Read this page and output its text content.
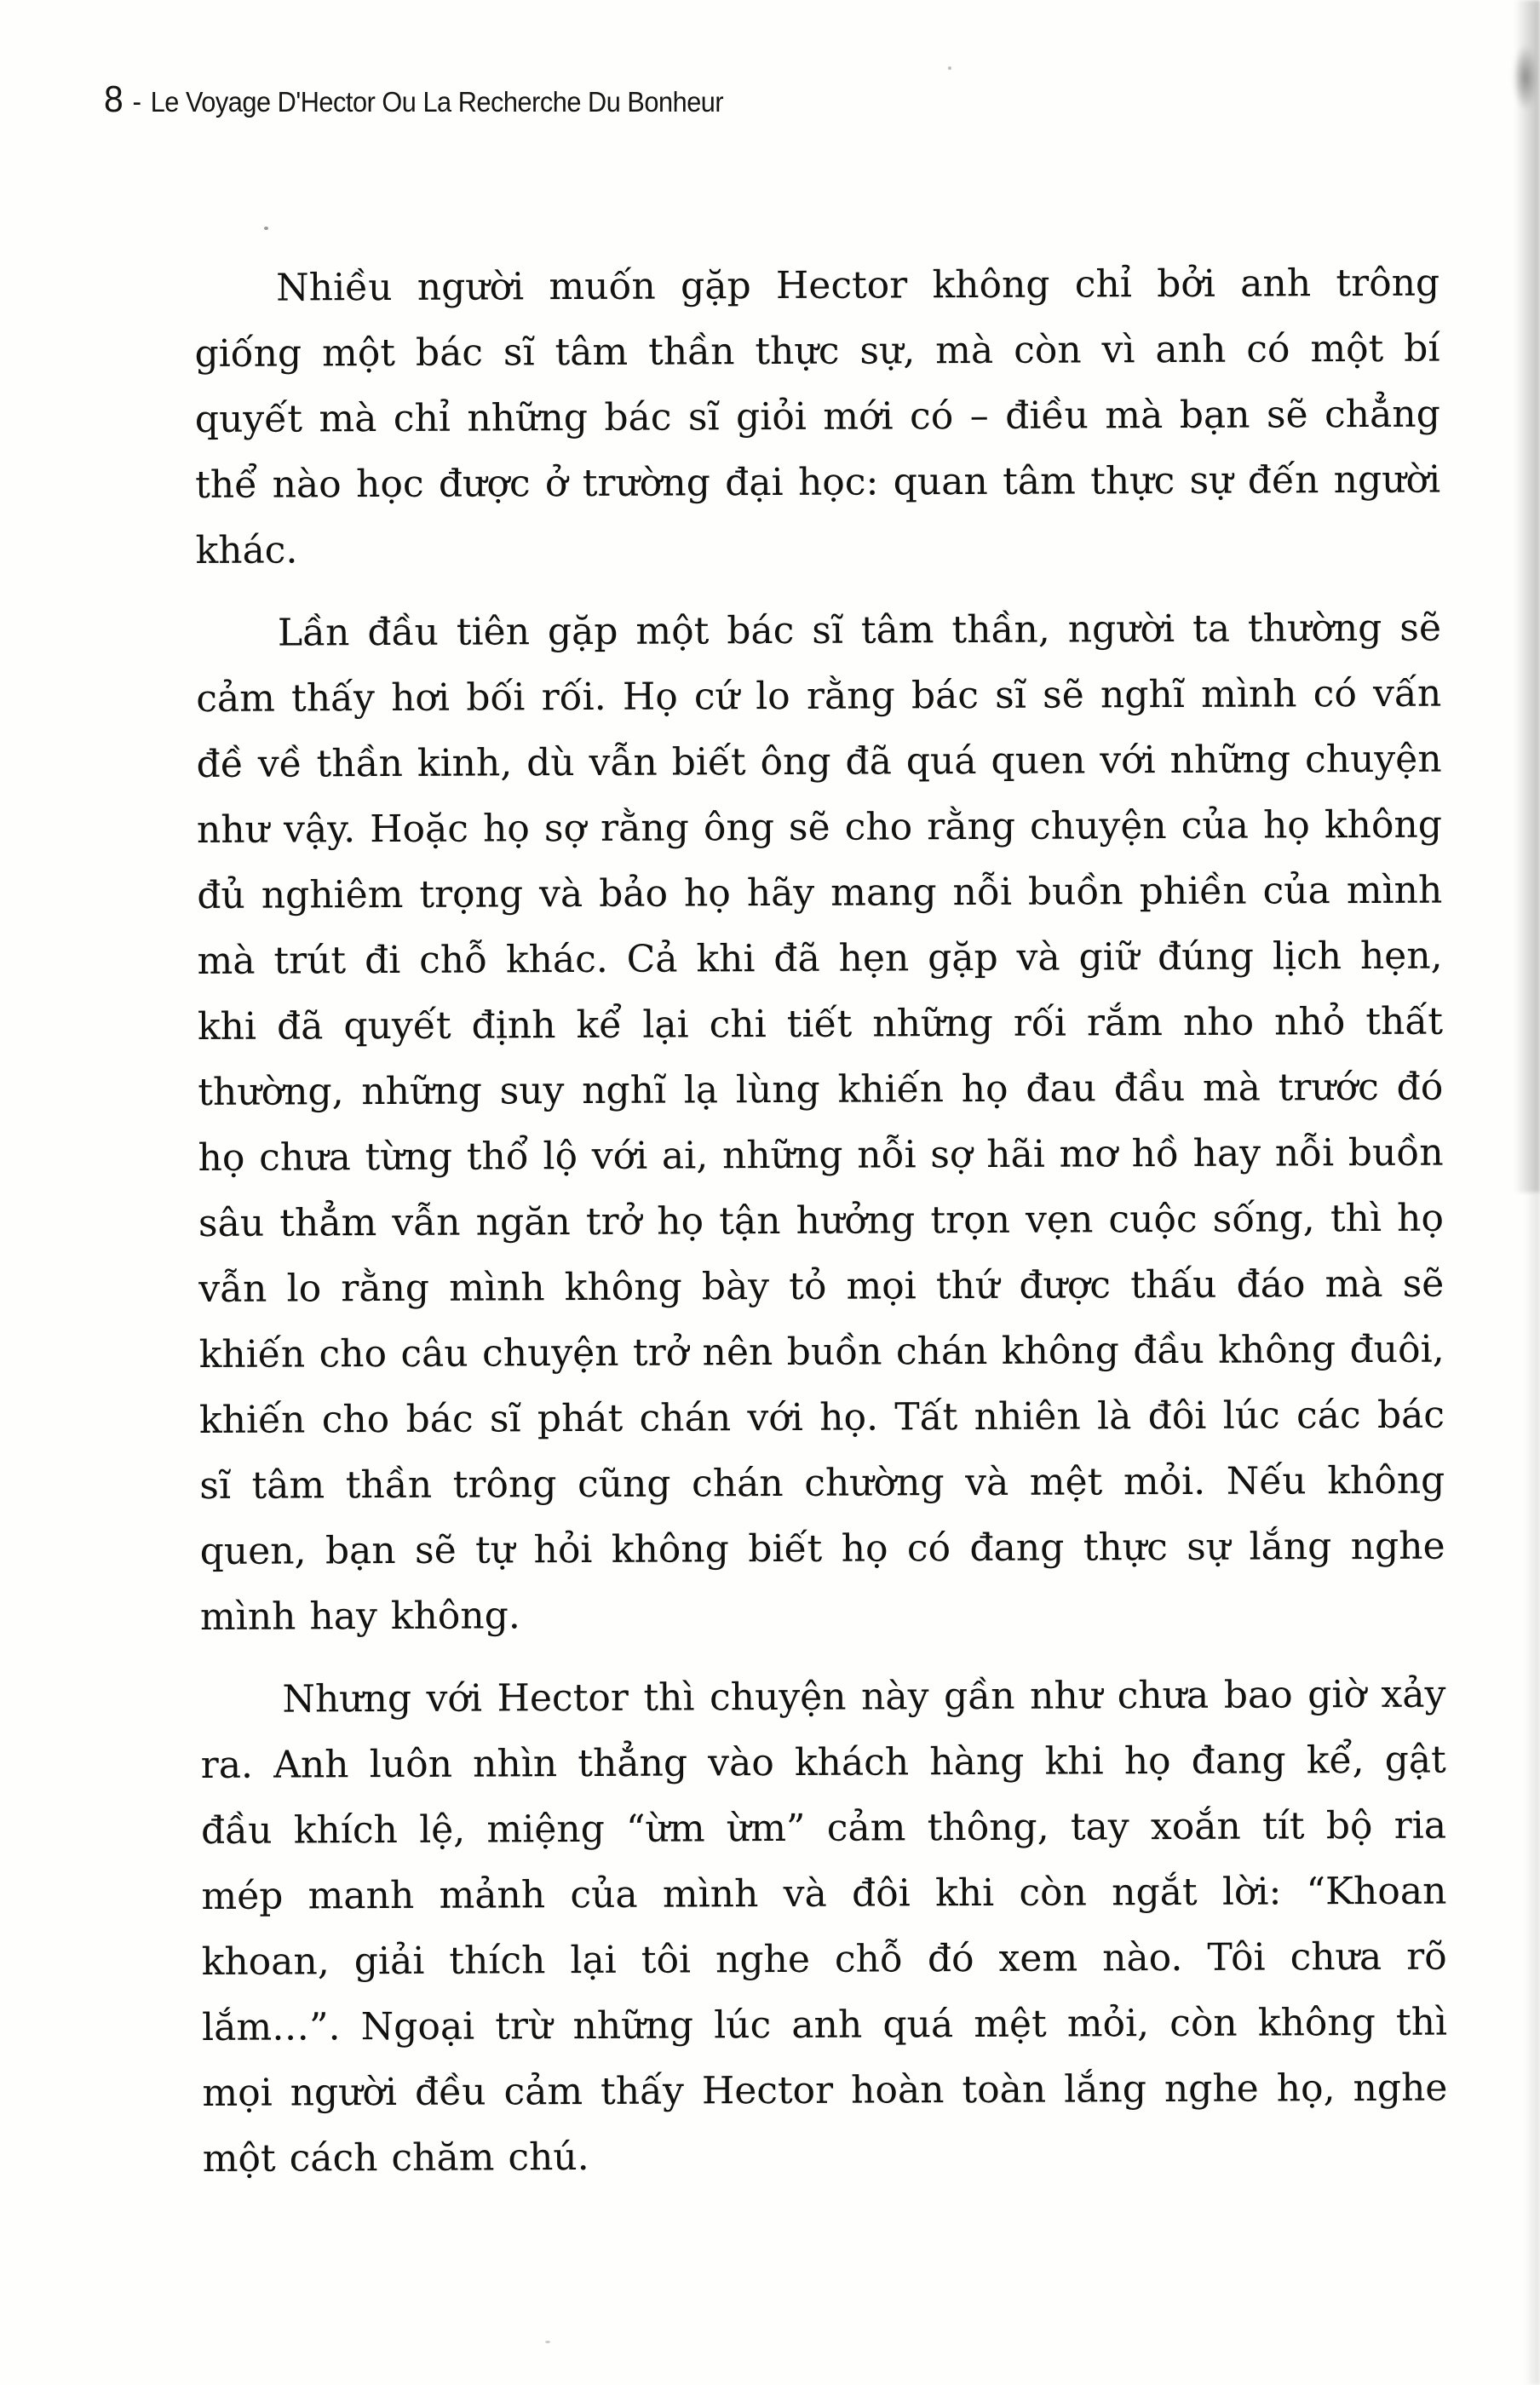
8 - Le Voyage D'Hector Ou La Recherche Du Bonheur

Nhiều người muốn gặp Hector không chỉ bởi anh trông giống một bác sĩ tâm thần thực sự, mà còn vì anh có một bí quyết mà chỉ những bác sĩ giỏi mới có – điều mà bạn sẽ chẳng thể nào học được ở trường đại học: quan tâm thực sự đến người khác.

Lần đầu tiên gặp một bác sĩ tâm thần, người ta thường sẽ cảm thấy hơi bối rối. Họ cứ lo rằng bác sĩ sẽ nghĩ mình có vấn đề về thần kinh, dù vẫn biết ông đã quá quen với những chuyện như vậy. Hoặc họ sợ rằng ông sẽ cho rằng chuyện của họ không đủ nghiêm trọng và bảo họ hãy mang nỗi buồn phiền của mình mà trút đi chỗ khác. Cả khi đã hẹn gặp và giữ đúng lịch hẹn, khi đã quyết định kể lại chi tiết những rối rắm nho nhỏ thất thường, những suy nghĩ lạ lùng khiến họ đau đầu mà trước đó họ chưa từng thổ lộ với ai, những nỗi sợ hãi mơ hồ hay nỗi buồn sâu thẳm vẫn ngăn trở họ tận hưởng trọn vẹn cuộc sống, thì họ vẫn lo rằng mình không bày tỏ mọi thứ được thấu đáo mà sẽ khiến cho câu chuyện trở nên buồn chán không đầu không đuôi, khiến cho bác sĩ phát chán với họ. Tất nhiên là đôi lúc các bác sĩ tâm thần trông cũng chán chường và mệt mỏi. Nếu không quen, bạn sẽ tự hỏi không biết họ có đang thực sự lắng nghe mình hay không.

Nhưng với Hector thì chuyện này gần như chưa bao giờ xảy ra. Anh luôn nhìn thẳng vào khách hàng khi họ đang kể, gật đầu khích lệ, miệng “ừm ừm” cảm thông, tay xoắn tít bộ ria mép manh mảnh của mình và đôi khi còn ngắt lời: “Khoan khoan, giải thích lại tôi nghe chỗ đó xem nào. Tôi chưa rõ lắm…”. Ngoại trừ những lúc anh quá mệt mỏi, còn không thì mọi người đều cảm thấy Hector hoàn toàn lắng nghe họ, nghe một cách chăm chú.
